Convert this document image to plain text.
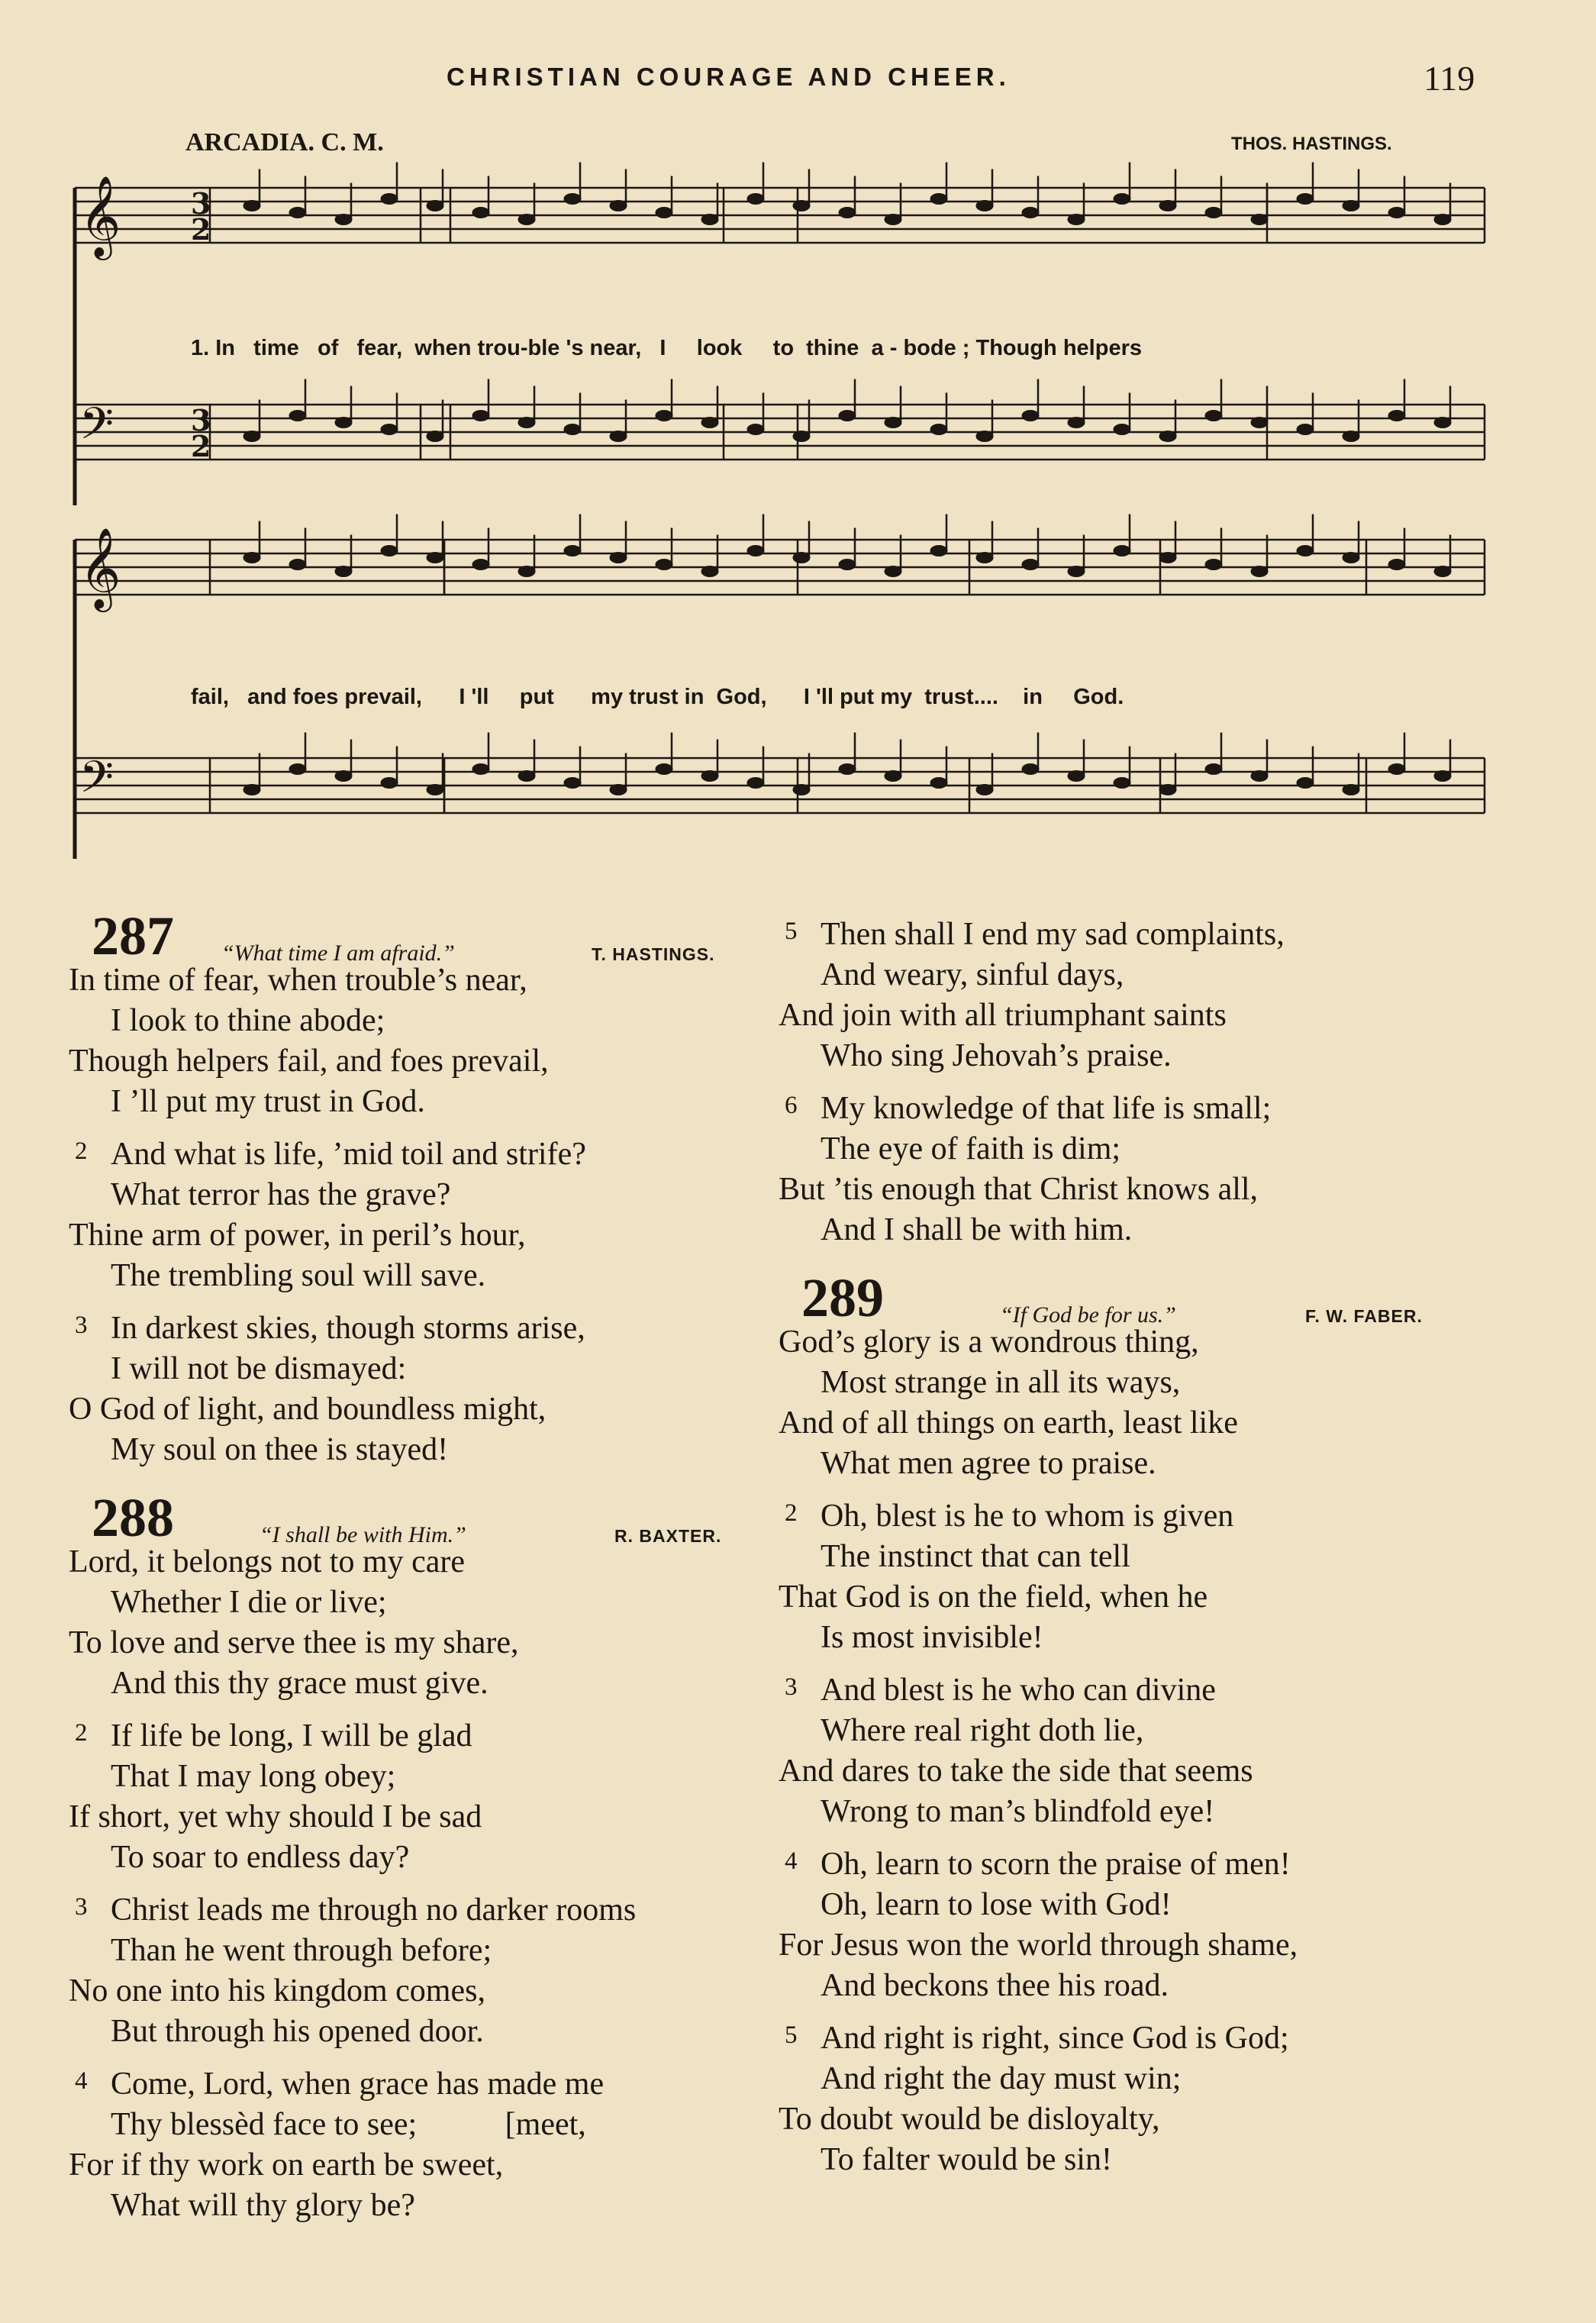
CHRISTIAN COURAGE AND CHEER.	119
ARCADIA. C. M.	THOS. HASTINGS.
𝄞 3
2
𝄢	3
2
𝄞
𝄢
1. In   time   of   fear,  when trou-ble 's near,   I     look     to  thine  a - bode ; Though helpers
fail,   and foes prevail,      I 'll     put      my trust in  God,      I 'll put my  trust....    in     God.
287 “What time I am afraid.”	T. HASTINGS.
In time of fear, when trouble’s near,
I look to thine abode;
Though helpers fail, and foes prevail,
I ’ll put my trust in God.
2 And what is life, ’mid toil and strife?
What terror has the grave?
Thine arm of power, in peril’s hour,
The trembling soul will save.
3 In darkest skies, though storms arise,
I will not be dismayed:
O God of light, and boundless might,
My soul on thee is stayed!
288	“I shall be with Him.”	R. BAXTER.
Lord, it belongs not to my care
Whether I die or live;
To love and serve thee is my share,
And this thy grace must give.
2 If life be long, I will be glad
That I may long obey;
If short, yet why should I be sad
To soar to endless day?
3 Christ leads me through no darker rooms
Than he went through before;
No one into his kingdom comes,
But through his opened door.
4 Come, Lord, when grace has made me
Thy blessèd face to see;           [meet,
For if thy work on earth be sweet,
What will thy glory be?
5 Then shall I end my sad complaints,
And weary, sinful days,
And join with all triumphant saints
Who sing Jehovah’s praise.
6 My knowledge of that life is small;
The eye of faith is dim;
But ’tis enough that Christ knows all,
And I shall be with him.
289	“If God be for us.”	F. W. FABER.
God’s glory is a wondrous thing,
Most strange in all its ways,
And of all things on earth, least like
What men agree to praise.
2 Oh, blest is he to whom is given
The instinct that can tell
That God is on the field, when he
Is most invisible!
3 And blest is he who can divine
Where real right doth lie,
And dares to take the side that seems
Wrong to man’s blindfold eye!
4 Oh, learn to scorn the praise of men!
Oh, learn to lose with God!
For Jesus won the world through shame,
And beckons thee his road.
5 And right is right, since God is God;
And right the day must win;
To doubt would be disloyalty,
To falter would be sin!
